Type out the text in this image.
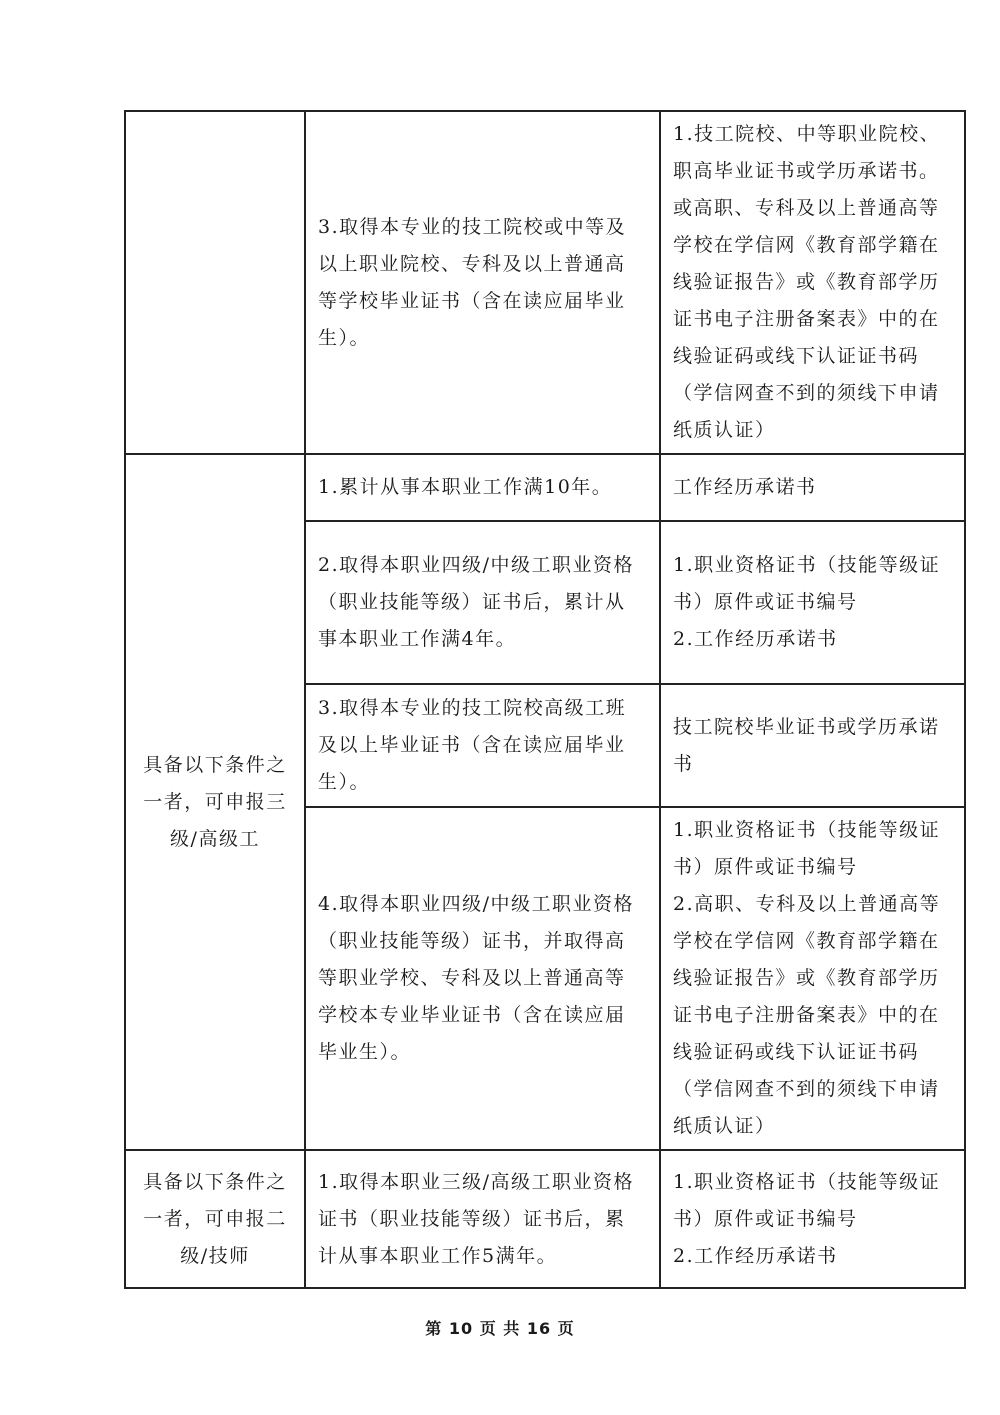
	3.取得本专业的技工院校或中等及以上职业院校、专科及以上普通高等学校毕业证书（含在读应届毕业生）。	1.技工院校、中等职业院校、职高毕业证书或学历承诺书。或高职、专科及以上普通高等学校在学信网《教育部学籍在线验证报告》或《教育部学历证书电子注册备案表》中的在线验证码或线下认证证书码（学信网查不到的须线下申请纸质认证）

具备以下条件之一者，可申报三级/高级工	1.累计从事本职业工作满10年。	工作经历承诺书

	2.取得本职业四级/中级工职业资格（职业技能等级）证书后，累计从事本职业工作满4年。	1.职业资格证书（技能等级证书）原件或证书编号
2.工作经历承诺书

	3.取得本专业的技工院校高级工班及以上毕业证书（含在读应届毕业生）。	技工院校毕业证书或学历承诺书

	4.取得本职业四级/中级工职业资格（职业技能等级）证书，并取得高等职业学校、专科及以上普通高等学校本专业毕业证书（含在读应届毕业生）。	1.职业资格证书（技能等级证书）原件或证书编号
2.高职、专科及以上普通高等学校在学信网《教育部学籍在线验证报告》或《教育部学历证书电子注册备案表》中的在线验证码或线下认证证书码（学信网查不到的须线下申请纸质认证）

具备以下条件之一者，可申报二级/技师	1.取得本职业三级/高级工职业资格证书（职业技能等级）证书后，累计从事本职业工作5满年。	1.职业资格证书（技能等级证书）原件或证书编号
2.工作经历承诺书
第 10 页 共 16 页
